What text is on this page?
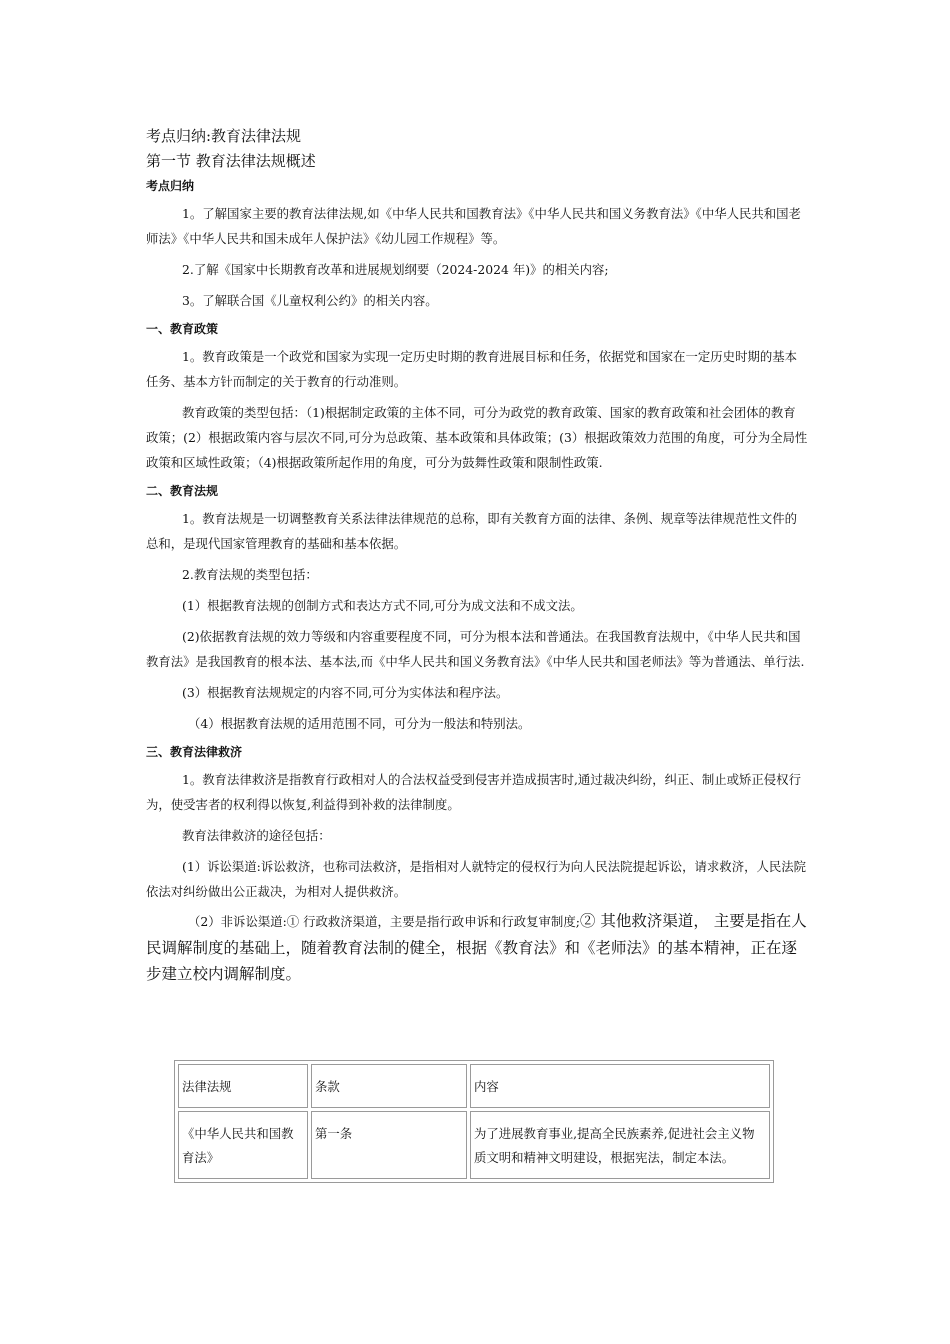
考点归纳:教育法律法规
第一节 教育法律法规概述
考点归纳
1。了解国家主要的教育法律法规,如《中华人民共和国教育法》《中华人民共和国义务教育法》《中华人民共和国老师法》《中华人民共和国未成年人保护法》《幼儿园工作规程》等。
2.了解《国家中长期教育改革和进展规划纲要（2024-2024 年)》的相关内容;
3。了解联合国《儿童权利公约》的相关内容。
一、教育政策
1。教育政策是一个政党和国家为实现一定历史时期的教育进展目标和任务，依据党和国家在一定历史时期的基本任务、基本方针而制定的关于教育的行动准则。
教育政策的类型包括：（1)根据制定政策的主体不同，可分为政党的教育政策、国家的教育政策和社会团体的教育政策；(2）根据政策内容与层次不同,可分为总政策、基本政策和具体政策；(3）根据政策效力范围的角度，可分为全局性政策和区域性政策；（4)根据政策所起作用的角度，可分为鼓舞性政策和限制性政策.
二、教育法规
1。教育法规是一切调整教育关系法律法律规范的总称，即有关教育方面的法律、条例、规章等法律规范性文件的总和，是现代国家管理教育的基础和基本依据。
2.教育法规的类型包括：
(1）根据教育法规的创制方式和表达方式不同,可分为成文法和不成文法。
(2)依据教育法规的效力等级和内容重要程度不同，可分为根本法和普通法。在我国教育法规中，《中华人民共和国教育法》是我国教育的根本法、基本法,而《中华人民共和国义务教育法》《中华人民共和国老师法》等为普通法、单行法.
(3）根据教育法规规定的内容不同,可分为实体法和程序法。
（4）根据教育法规的适用范围不同，可分为一般法和特别法。
三、教育法律救济
1。教育法律救济是指教育行政相对人的合法权益受到侵害并造成损害时,通过裁决纠纷，纠正、制止或矫正侵权行为，使受害者的权利得以恢复,利益得到补救的法律制度。
教育法律救济的途径包括：
(1）诉讼渠道:诉讼救济，也称司法救济，是指相对人就特定的侵权行为向人民法院提起诉讼，请求救济，人民法院依法对纠纷做出公正裁决，为相对人提供救济。
（2）非诉讼渠道:① 行政救济渠道，主要是指行政申诉和行政复审制度;② 其他救济渠道， 主要是指在人民调解制度的基础上，随着教育法制的健全，根据《教育法》和《老师法》的基本精神，正在逐步建立校内调解制度。
法律法规	条款	内容
《中华人民共和国教育法》	第一条	为了进展教育事业,提高全民族素养,促进社会主义物质文明和精神文明建设，根据宪法，制定本法。
